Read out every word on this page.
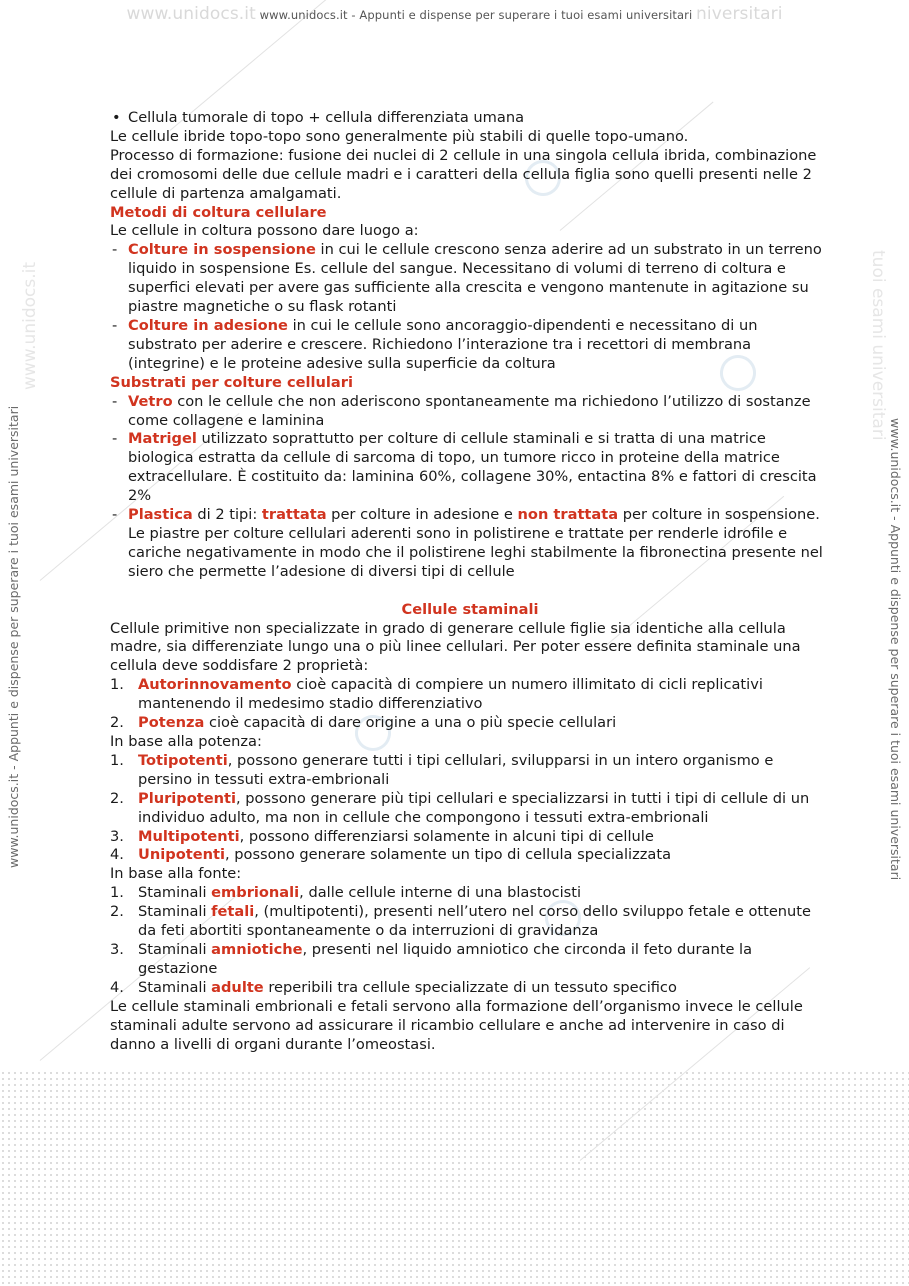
www.unidocs.it	tuoi esami universitari
www.unidocs.it www.unidocs.it - Appunti e dispense per superare i tuoi esami universitari niversitari
www.unidocs.it - Appunti e dispense per superare i tuoi esami universitari	www.unidocs.it - Appunti e dispense per superare i tuoi esami universitari

• Cellula tumorale di topo + cellula differenziata umana

Le cellule ibride topo-topo sono generalmente più stabili di quelle topo-umano.

Processo di formazione: fusione dei nuclei di 2 cellule in una singola cellula ibrida, combinazione dei cromosomi delle due cellule madri e i caratteri della cellula figlia sono quelli presenti nelle 2 cellule di partenza amalgamati.

Metodi di coltura cellulare

Le cellule in coltura possono dare luogo a:

- Colture in sospensione in cui le cellule crescono senza aderire ad un substrato in un terreno liquido in sospensione Es. cellule del sangue. Necessitano di volumi di terreno di coltura e superfici elevati per avere gas sufficiente alla crescita e vengono mantenute in agitazione su piastre magnetiche o su flask rotanti

- Colture in adesione in cui le cellule sono ancoraggio-dipendenti e necessitano di un substrato per aderire e crescere. Richiedono l’interazione tra i recettori di membrana (integrine) e le proteine adesive sulla superficie da coltura

Substrati per colture cellulari

- Vetro con le cellule che non aderiscono spontaneamente ma richiedono l’utilizzo di sostanze come collagene e laminina

- Matrigel utilizzato soprattutto per colture di cellule staminali e si tratta di una matrice biologica estratta da cellule di sarcoma di topo, un tumore ricco in proteine della matrice extracellulare. È costituito da: laminina 60%, collagene 30%, entactina 8% e fattori di crescita 2%

- Plastica di 2 tipi: trattata per colture in adesione e non trattata per colture in sospensione. Le piastre per colture cellulari aderenti sono in polistirene e trattate per renderle idrofile e cariche negativamente in modo che il polistirene leghi stabilmente la fibronectina presente nel siero che permette l’adesione di diversi tipi di cellule

Cellule staminali

Cellule primitive non specializzate in grado di generare cellule figlie sia identiche alla cellula madre, sia differenziate lungo una o più linee cellulari. Per poter essere definita staminale una cellula deve soddisfare 2 proprietà:

1. Autorinnovamento cioè capacità di compiere un numero illimitato di cicli replicativi mantenendo il medesimo stadio differenziativo

2. Potenza cioè capacità di dare origine a una o più specie cellulari

In base alla potenza:

1. Totipotenti, possono generare tutti i tipi cellulari, svilupparsi in un intero organismo e persino in tessuti extra-embrionali

2. Pluripotenti, possono generare più tipi cellulari e specializzarsi in tutti i tipi di cellule di un individuo adulto, ma non in cellule che compongono i tessuti extra-embrionali

3. Multipotenti, possono differenziarsi solamente in alcuni tipi di cellule

4. Unipotenti, possono generare solamente un tipo di cellula specializzata

In base alla fonte:

1. Staminali embrionali, dalle cellule interne di una blastocisti

2. Staminali fetali, (multipotenti), presenti nell’utero nel corso dello sviluppo fetale e ottenute da feti abortiti spontaneamente o da interruzioni di gravidanza

3. Staminali amniotiche, presenti nel liquido amniotico che circonda il feto durante la gestazione

4. Staminali adulte reperibili tra cellule specializzate di un tessuto specifico

Le cellule staminali embrionali e fetali servono alla formazione dell’organismo invece le cellule staminali adulte servono ad assicurare il ricambio cellulare e anche ad intervenire in caso di danno a livelli di organi durante l’omeostasi.
